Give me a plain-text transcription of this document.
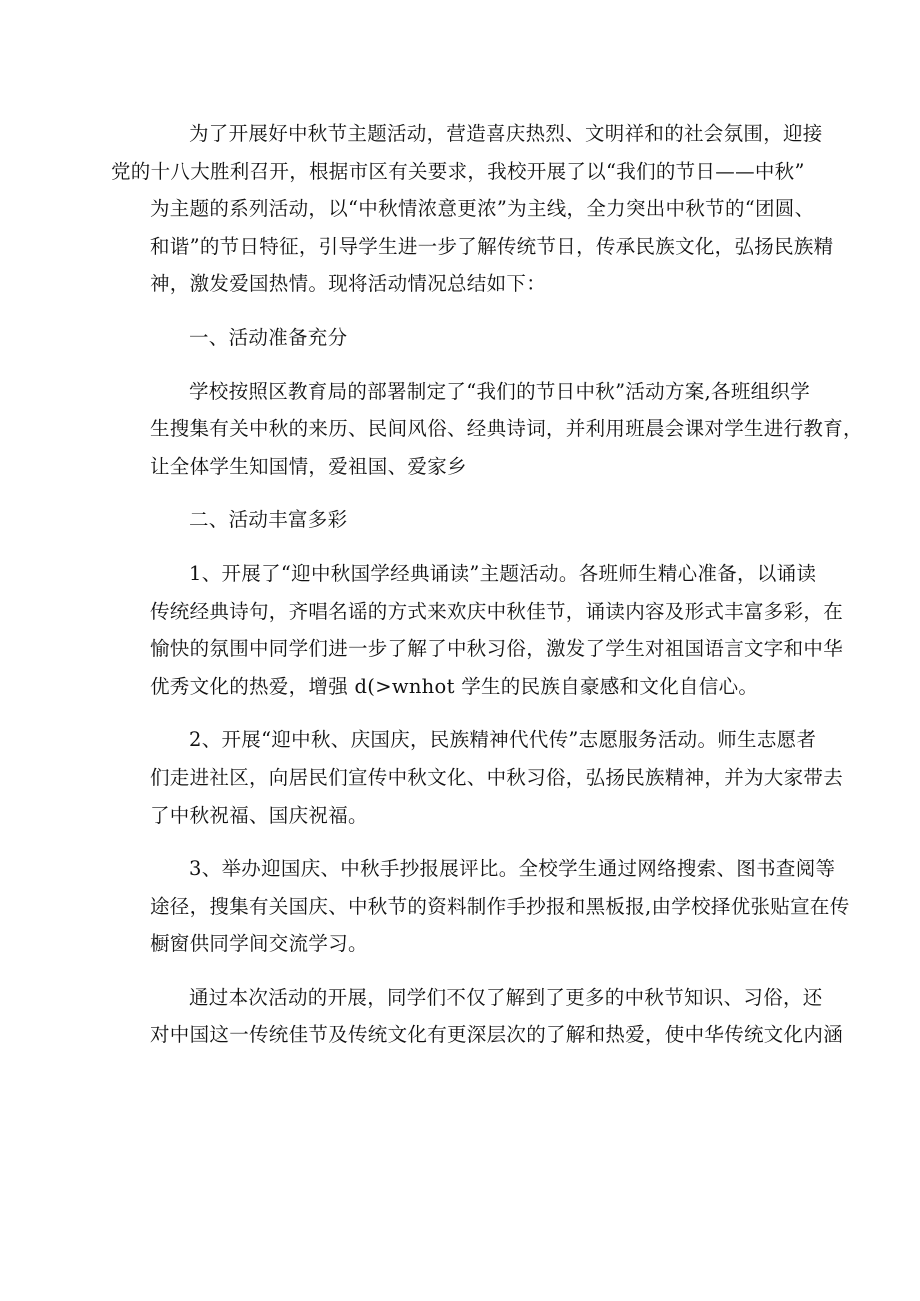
为了开展好中秋节主题活动，营造喜庆热烈、文明祥和的社会氛围，迎接
党的十八大胜利召开，根据市区有关要求，我校开展了以“我们的节日——中秋”
为主题的系列活动，以“中秋情浓意更浓”为主线，全力突出中秋节的“团圆、
和谐”的节日特征，引导学生进一步了解传统节日，传承民族文化，弘扬民族精
神，激发爱国热情。现将活动情况总结如下：

一、活动准备充分

学校按照区教育局的部署制定了“我们的节日中秋”活动方案,各班组织学
生搜集有关中秋的来历、民间风俗、经典诗词，并利用班晨会课对学生进行教育，
让全体学生知国情，爱祖国、爱家乡

二、活动丰富多彩

1、开展了“迎中秋国学经典诵读”主题活动。各班师生精心准备，以诵读
传统经典诗句，齐唱名谣的方式来欢庆中秋佳节，诵读内容及形式丰富多彩，在
愉快的氛围中同学们进一步了解了中秋习俗，激发了学生对祖国语言文字和中华
优秀文化的热爱，增强 d(>wnhot 学生的民族自豪感和文化自信心。

2、开展“迎中秋、庆国庆，民族精神代代传”志愿服务活动。师生志愿者
们走进社区，向居民们宣传中秋文化、中秋习俗，弘扬民族精神，并为大家带去
了中秋祝福、国庆祝福。

3、举办迎国庆、中秋手抄报展评比。全校学生通过网络搜索、图书查阅等
途径，搜集有关国庆、中秋节的资料制作手抄报和黑板报,由学校择优张贴宣在传
橱窗供同学间交流学习。

通过本次活动的开展，同学们不仅了解到了更多的中秋节知识、习俗，还
对中国这一传统佳节及传统文化有更深层次的了解和热爱，使中华传统文化内涵
